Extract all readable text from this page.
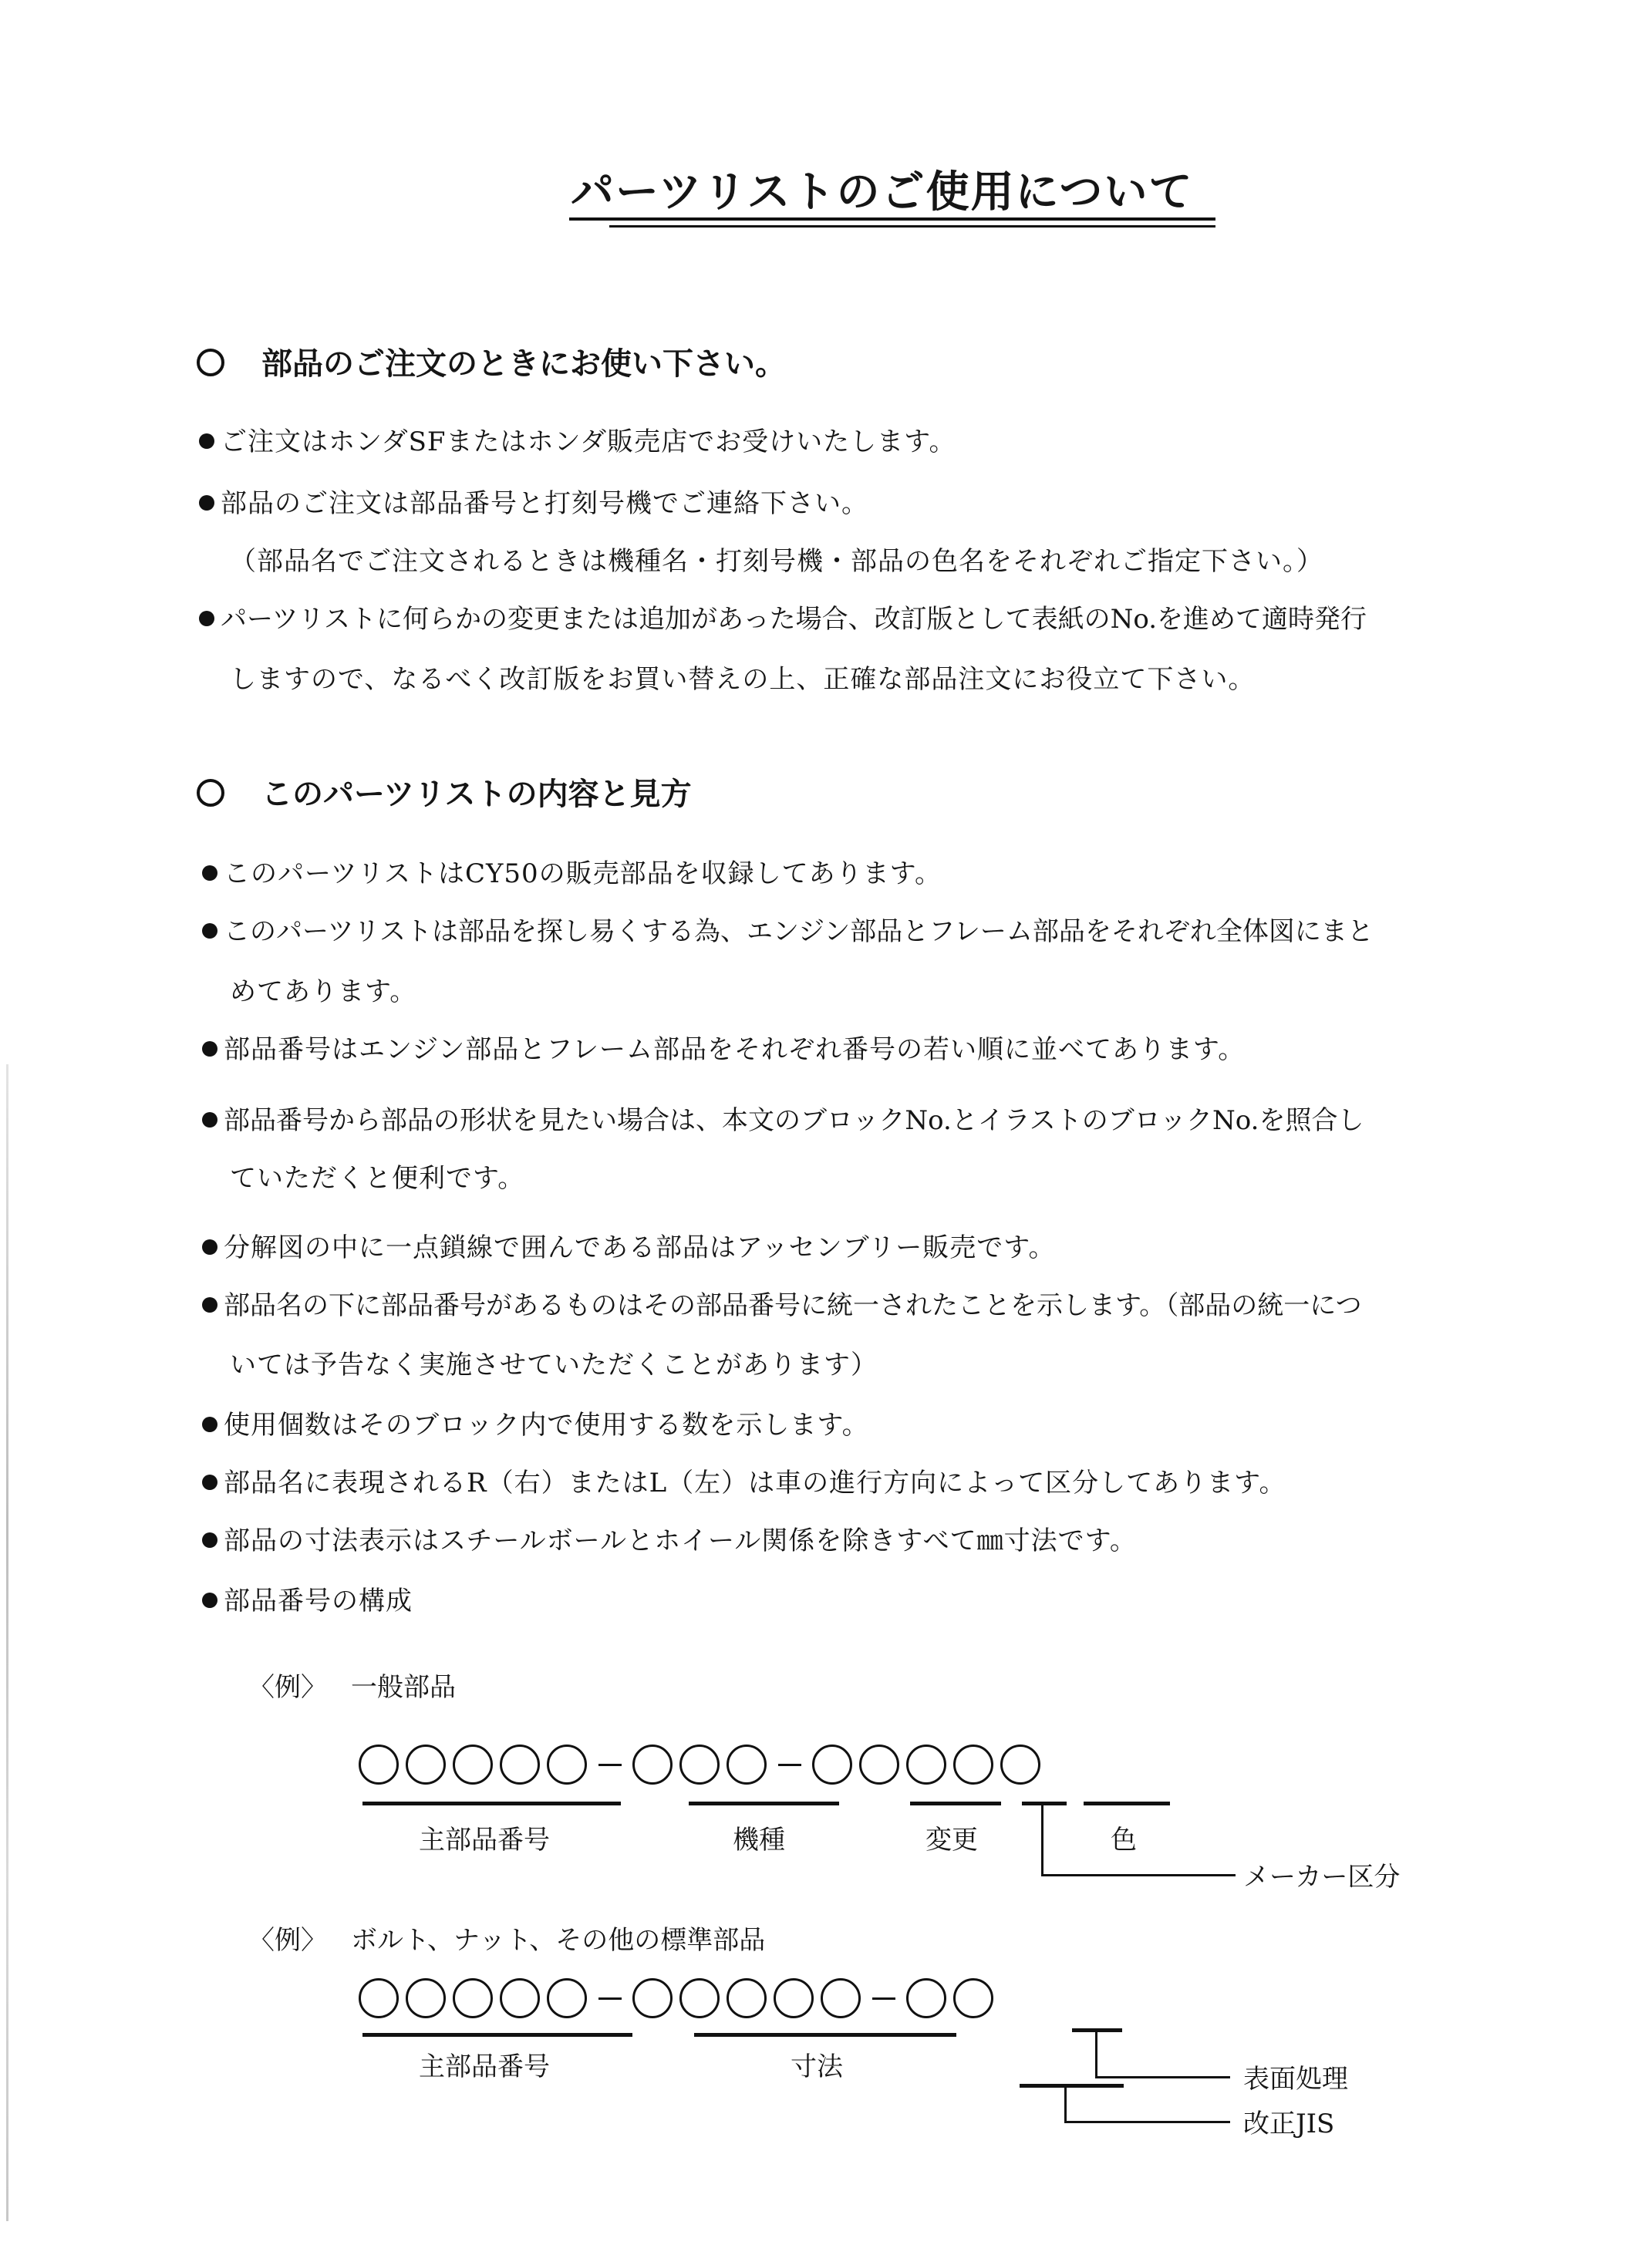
パーツリストのご使用について
部品のご注文のときにお使い下さい。
ご注文はホンダSFまたはホンダ販売店でお受けいたします。
部品のご注文は部品番号と打刻号機でご連絡下さい。
（部品名でご注文されるときは機種名・打刻号機・部品の色名をそれぞれご指定下さい。）
パーツリストに何らかの変更または追加があった場合、改訂版として表紙のNo.を進めて適時発行
しますので、なるべく改訂版をお買い替えの上、正確な部品注文にお役立て下さい。
このパーツリストの内容と見方
このパーツリストはCY50の販売部品を収録してあります。
このパーツリストは部品を探し易くする為、エンジン部品とフレーム部品をそれぞれ全体図にまと
めてあります。
部品番号はエンジン部品とフレーム部品をそれぞれ番号の若い順に並べてあります。
部品番号から部品の形状を見たい場合は、本文のブロックNo.とイラストのブロックNo.を照合し
ていただくと便利です。
分解図の中に一点鎖線で囲んである部品はアッセンブリー販売です。
部品名の下に部品番号があるものはその部品番号に統一されたことを示します。（部品の統一につ
いては予告なく実施させていただくことがあります）
使用個数はそのブロック内で使用する数を示します。
部品名に表現されるR（右）またはL（左）は車の進行方向によって区分してあります。
部品の寸法表示はスチールボールとホイール関係を除きすべて㎜寸法です。
部品番号の構成
〈例〉 一般部品
主部品番号	機種	変更	色
メーカー区分
〈例〉 ボルト、ナット、その他の標準部品
主部品番号	寸法	表面処理
改正JIS
